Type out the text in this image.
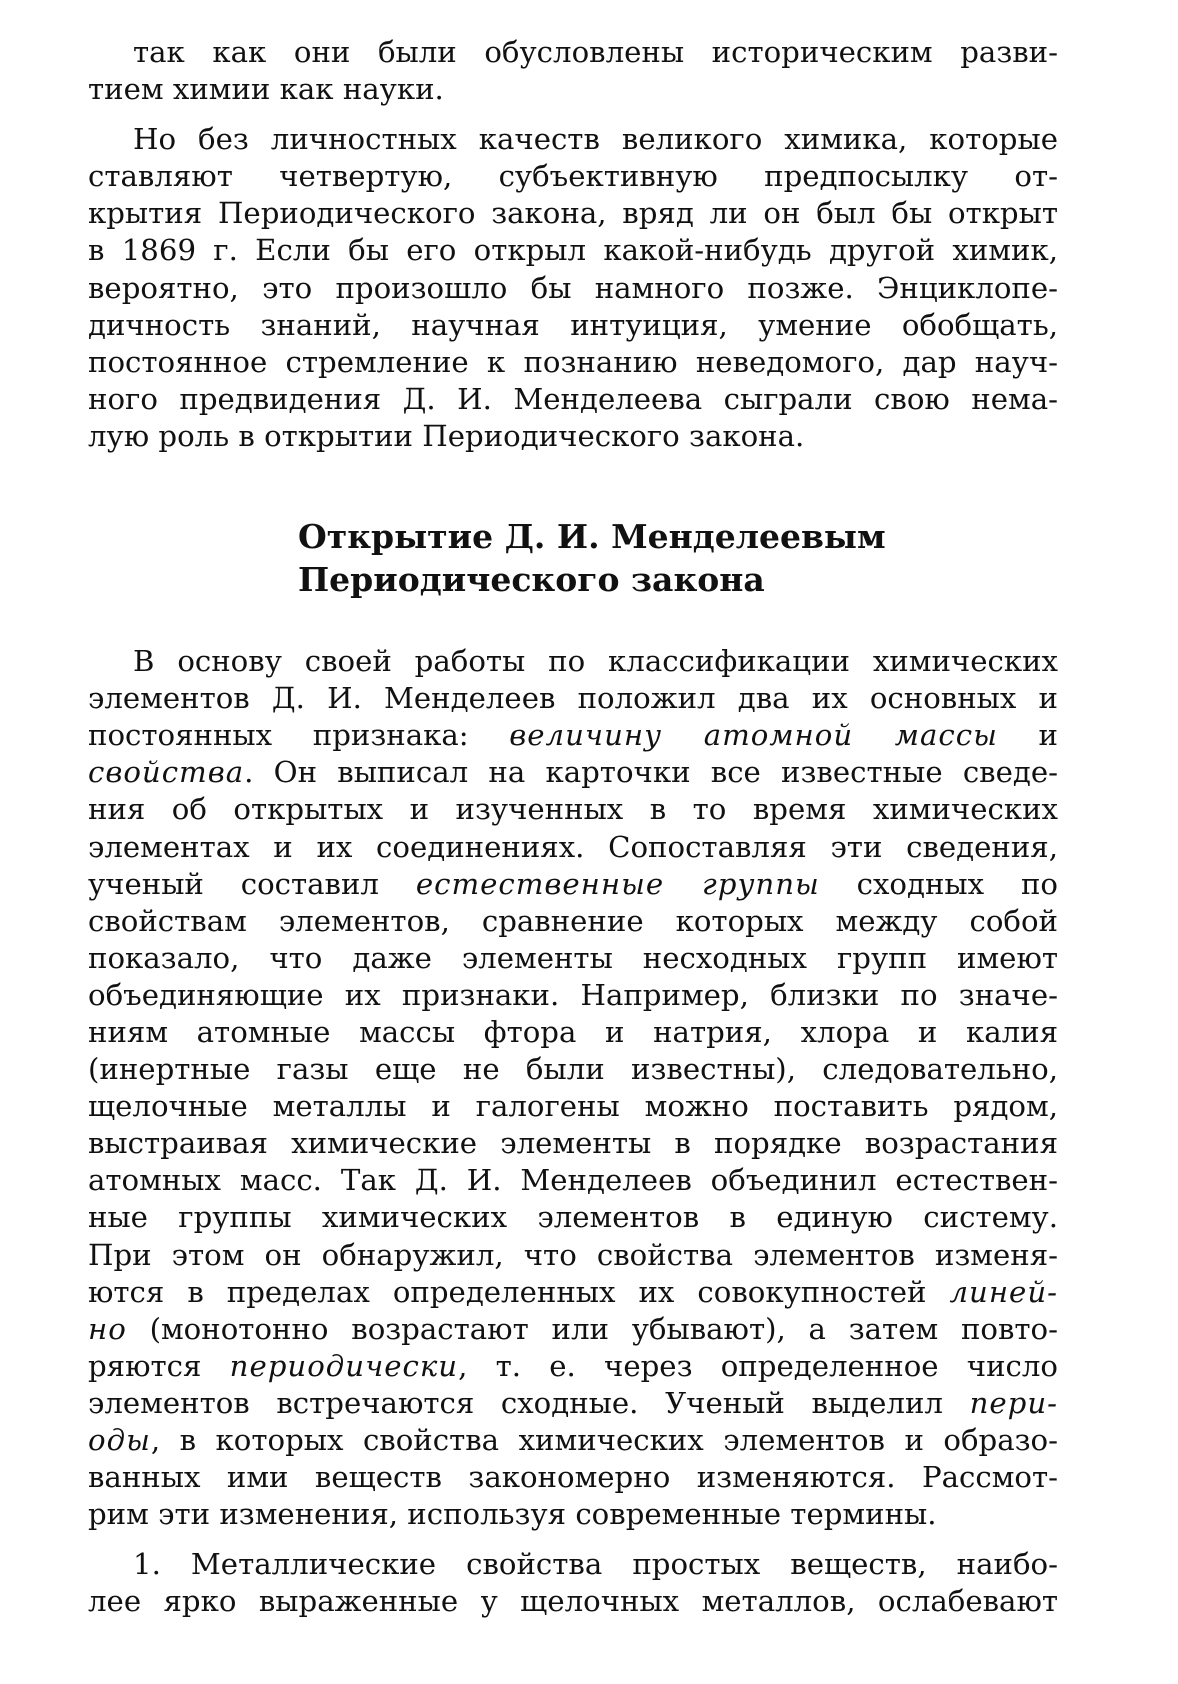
так как они были обусловлены историческим разви-
тием химии как науки.

Но без личностных качеств великого химика, которые
ставляют четвертую, субъективную предпосылку от-
крытия Периодического закона, вряд ли он был бы открыт
в 1869 г. Если бы его открыл какой-нибудь другой химик,
вероятно, это произошло бы намного позже. Энциклопе-
дичность знаний, научная интуиция, умение обобщать,
постоянное стремление к познанию неведомого, дар науч-
ного предвидения Д. И. Менделеева сыграли свою нема-
лую роль в открытии Периодического закона.

Открытие Д. И. Менделеевым
Периодического закона

В основу своей работы по классификации химических
элементов Д. И. Менделеев положил два их основных и
постоянных признака: величину атомной массы и
свойства. Он выписал на карточки все известные сведе-
ния об открытых и изученных в то время химических
элементах и их соединениях. Сопоставляя эти сведения,
ученый составил естественные группы сходных по
свойствам элементов, сравнение которых между собой
показало, что даже элементы несходных групп имеют
объединяющие их признаки. Например, близки по значе-
ниям атомные массы фтора и натрия, хлора и калия
(инертные газы еще не были известны), следовательно,
щелочные металлы и галогены можно поставить рядом,
выстраивая химические элементы в порядке возрастания
атомных масс. Так Д. И. Менделеев объединил естествен-
ные группы химических элементов в единую систему.
При этом он обнаружил, что свойства элементов изменя-
ются в пределах определенных их совокупностей линей-
но (монотонно возрастают или убывают), а затем повто-
ряются периодически, т. е. через определенное число
элементов встречаются сходные. Ученый выделил пери-
оды, в которых свойства химических элементов и образо-
ванных ими веществ закономерно изменяются. Рассмот-
рим эти изменения, используя современные термины.

1. Металлические свойства простых веществ, наибо-
лее ярко выраженные у щелочных металлов, ослабевают
